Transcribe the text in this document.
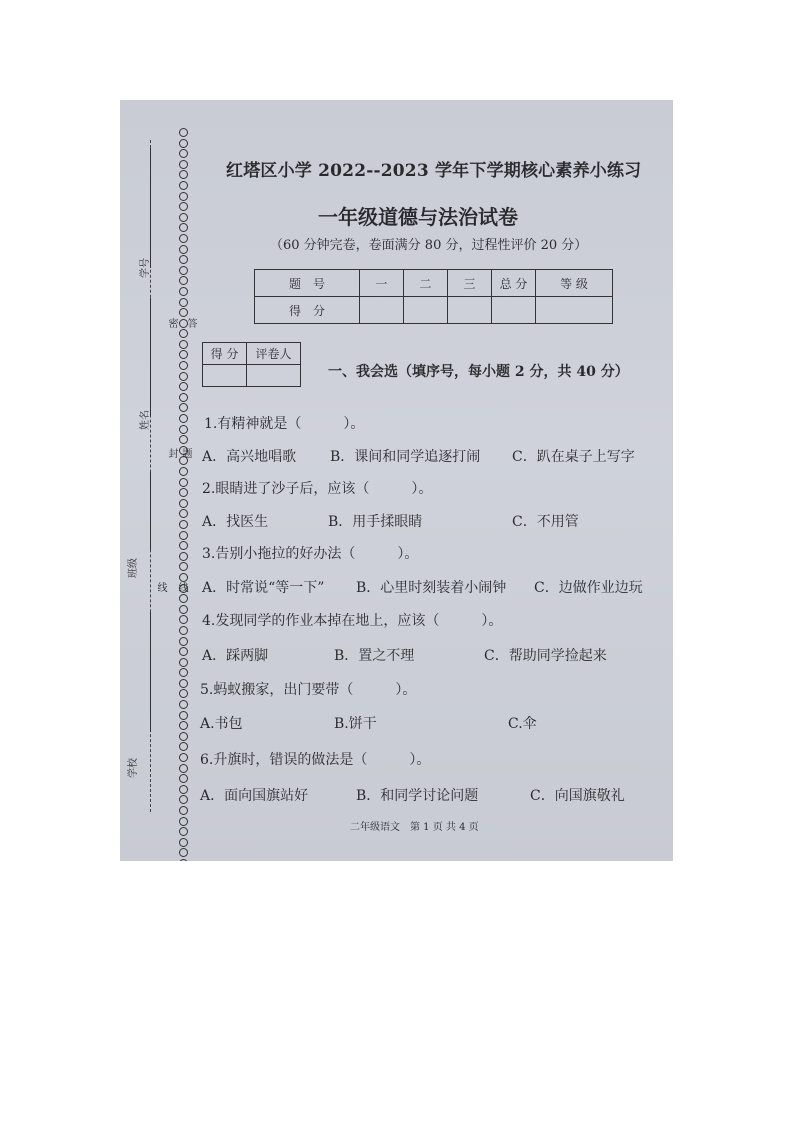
学号
姓名
班级
学校
密 答
封 题
线 线
红塔区小学 2022--2023 学年下学期核心素养小练习
一年级道德与法治试卷
（60 分钟完卷，卷面满分 80 分，过程性评价 20 分）
题　号	一	二	三	总 分	等 级
得　分					
得 分	评卷人

一、我会选（填序号，每小题 2 分，共 40 分）
1.有精神就是（　　　）。
A．高兴地唱歌 B．课间和同学追逐打闹 C．趴在桌子上写字
2.眼睛进了沙子后，应该（　　　）。
A．找医生	B．用手揉眼睛	C．不用管
3.告别小拖拉的好办法（　　　）。
A．时常说“等一下” B．心里时刻装着小闹钟 C．边做作业边玩
4.发现同学的作业本掉在地上，应该（　　　）。
A．踩两脚	B．置之不理	C．帮助同学捡起来
5.蚂蚁搬家，出门要带（　　　）。
A.书包	B.饼干	C.伞
6.升旗时，错误的做法是（　　　）。
A．面向国旗站好	B．和同学讨论问题	C．向国旗敬礼
二年级语文　第 1 页 共 4 页
